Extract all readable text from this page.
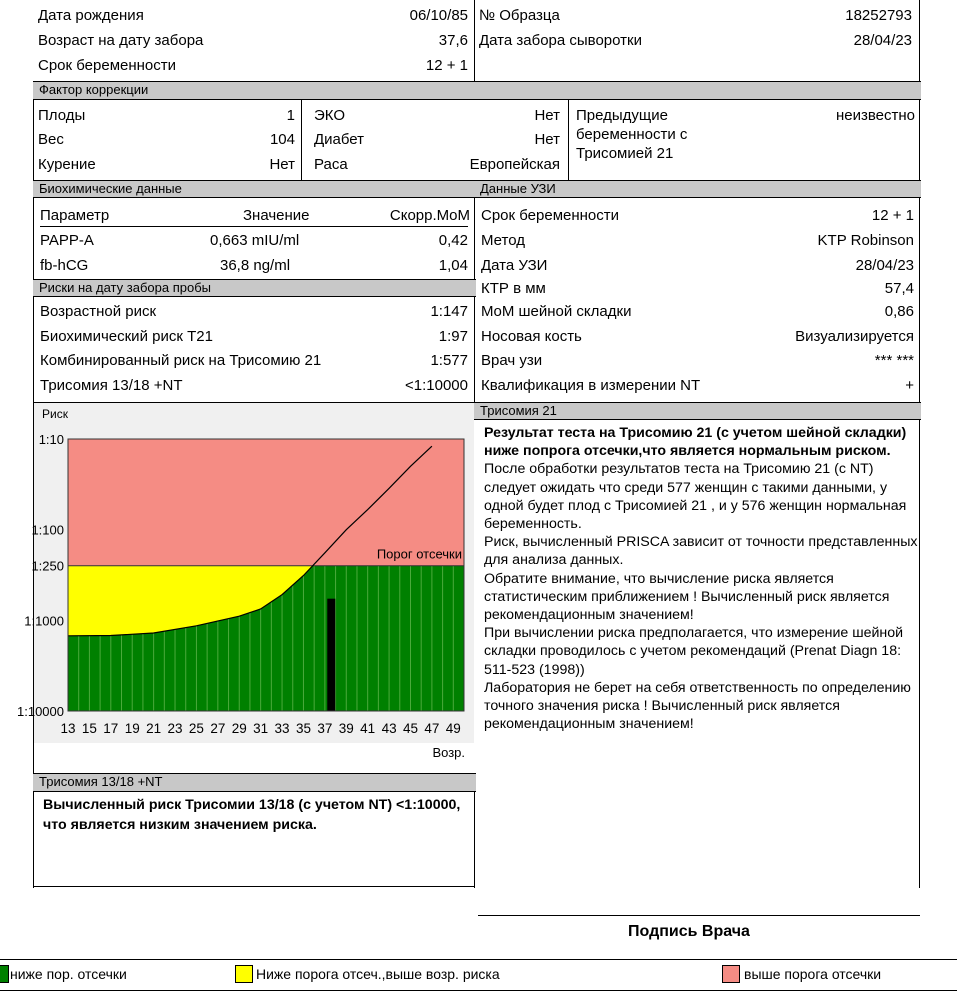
Дата рождения	06/10/85
Возраст на дату забора	37,6
Срок беременности	12 + 1
№ Образца	18252793
Дата забора сыворотки	28/04/23
Фактор коррекции
Плоды	1
Вес	104
Курение	Нет
ЭКО	Нет
Диабет	Нет
Раса	Европейская
Предыдущие	неизвестно
беременности с
Трисомией 21
Биохимические данные	Данные УЗИ
Параметр	Значение	Скорр.MoM
PAPP-A	0,663 mIU/ml	0,42
fb-hCG	36,8 ng/ml	1,04
Риски на дату забора пробы
Возрастной риск	1:147
Биохимический риск Т21	1:97
Комбинированный риск на Трисомию 21	1:577
Трисомия 13/18 +NT	<1:10000
Срок беременности	12 + 1
Метод	KTP Robinson
Дата УЗИ	28/04/23
КТР в мм	57,4
MoM шейной складки	0,86
Носовая кость	Визуализируется
Врач узи	*** ***
Квалификация в измерении NT	+
Риск
1:10
1:100
1:250
1:1000
1:10000
13 15 17 19 21 23 25 27 29 31 33 35 37 39 41 43 45 47 49
Возр.
Порог отсечки
Трисомия 21

Результат теста на Трисомию 21 (с учетом шейной складки) ниже попрога отсечки,что является нормальным риском.

После обработки результатов теста на Трисомию 21 (с NT) следует ожидать что среди 577 женщин с такими данными, у одной будет плод с Трисомией 21 , и у 576 женщин нормальная беременность.

Риск, вычисленный PRISCA зависит от точности представленных для анализа данных.

Обратите внимание, что вычисление риска является статистическим приближением ! Вычисленный риск является рекомендационным значением!

При вычислении риска предполагается, что измерение шейной складки проводилось с учетом рекомендаций (Prenat Diagn 18: 511-523 (1998))

Лаборатория не берет на себя ответственность по определению точного значения риска ! Вычисленный риск является рекомендационным значением!

Трисомия 13/18 +NT
Вычисленный риск Трисомии 13/18 (с учетом NT) <1:10000, что является низким значением риска.
Подпись Врача
ниже пор. отсечки	Ниже порога отсеч.,выше возр. риска	выше порога отсечки
